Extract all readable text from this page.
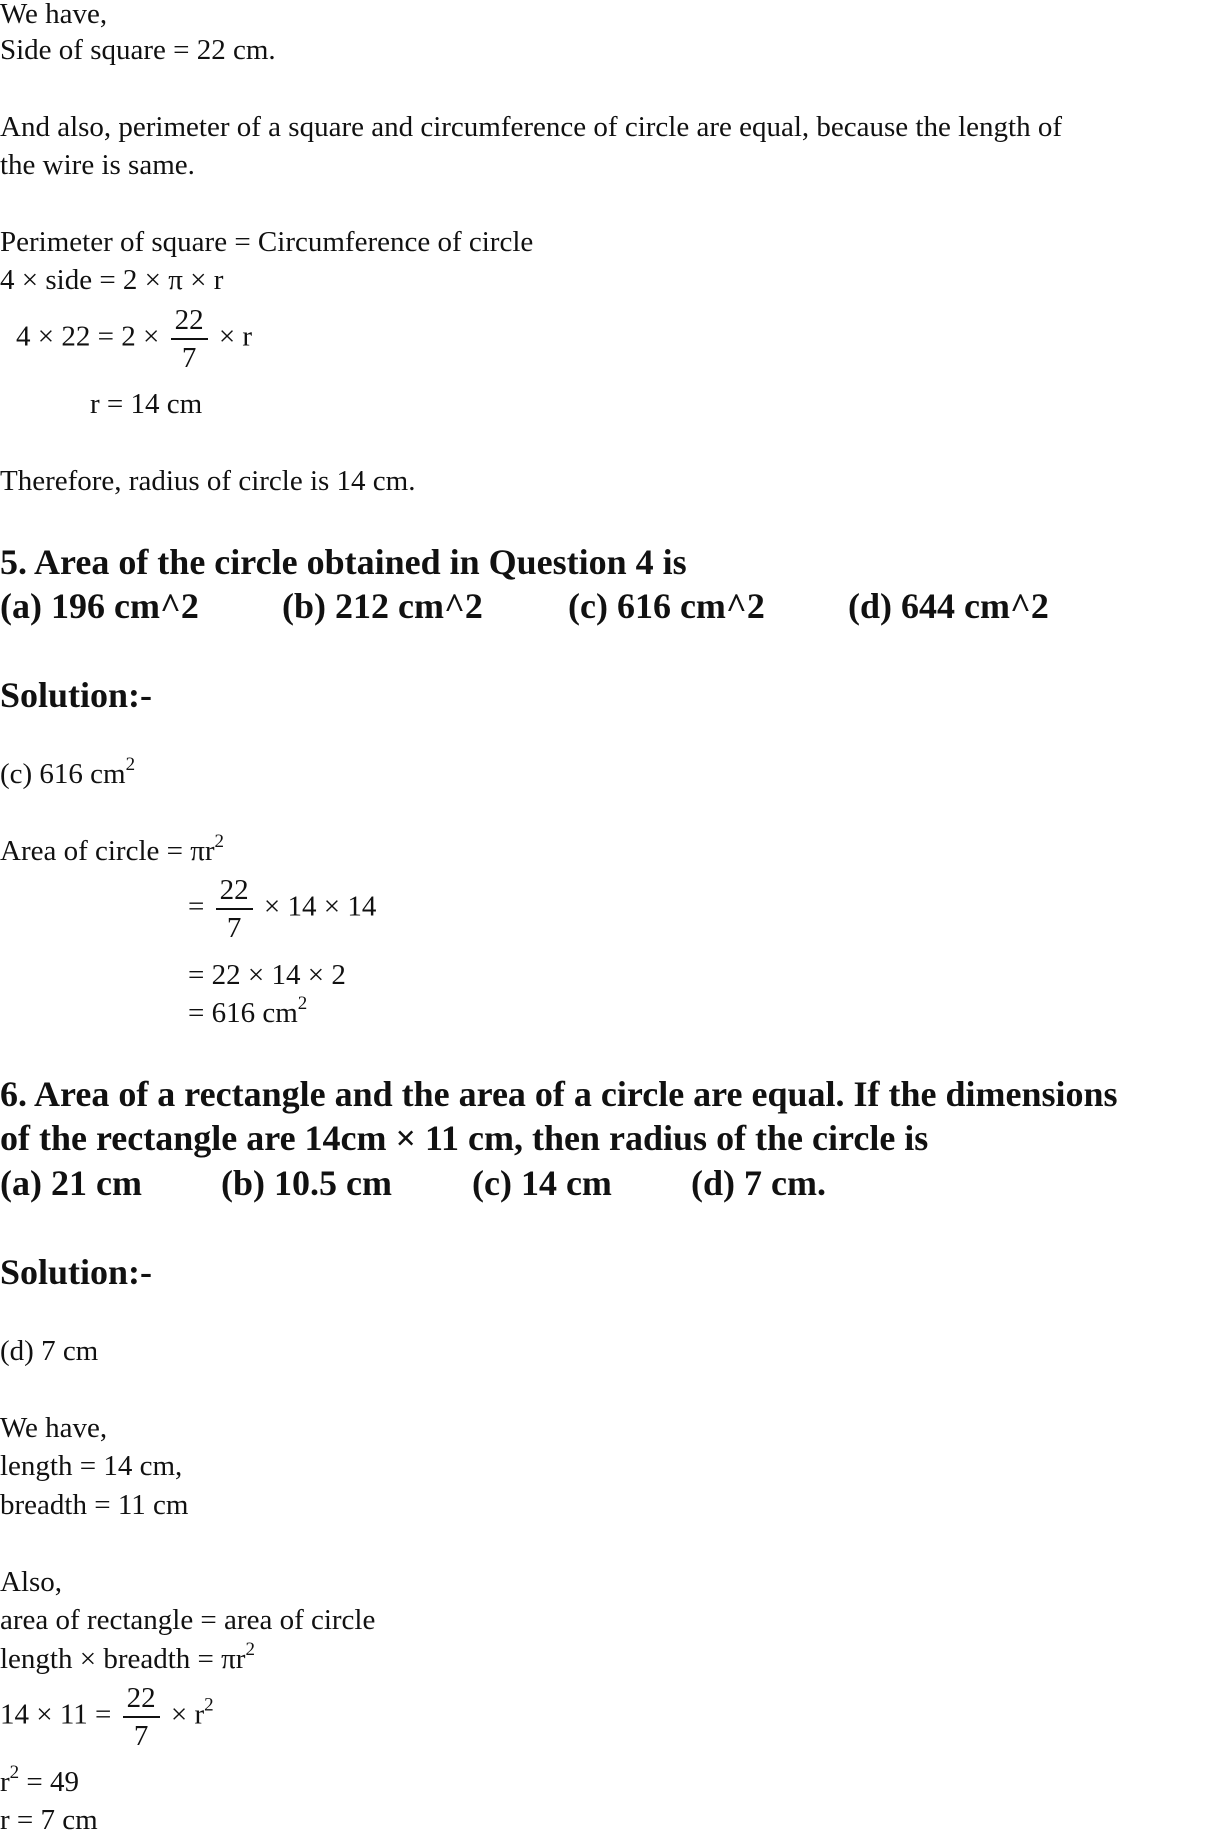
We have,
Side of square = 22 cm.
And also, perimeter of a square and circumference of circle are equal, because the length of
the wire is same.
Perimeter of square = Circumference of circle
4 × side = 2 × π × r
$4 \times 22 = 2 \times \frac{22}{7} \times r$
r = 14 cm
Therefore, radius of circle is 14 cm.
5. Area of the circle obtained in Question 4 is
(a) 196 cm^2 (b) 212 cm^2 (c) 616 cm^2 (d) 644 cm^2
Solution:-
(c) 616 $cm^2$
Area of circle = $\pi r^2$
= $\frac{22}{7} \times 14 \times 14$
= 22 × 14 × 2
= 616 $cm^2$
6. Area of a rectangle and the area of a circle are equal. If the dimensions
of the rectangle are 14cm × 11 cm, then radius of the circle is
(a) 21 cm (b) 10.5 cm (c) 14 cm (d) 7 cm.
Solution:-
(d) 7 cm
We have,
length = 14 cm,
breadth = 11 cm
Also,
area of rectangle = area of circle
length × breadth = $\pi r^2$
$14 \times 11 = \frac{22}{7} \times r^2$
$r^2 = 49$
r = 7 cm
